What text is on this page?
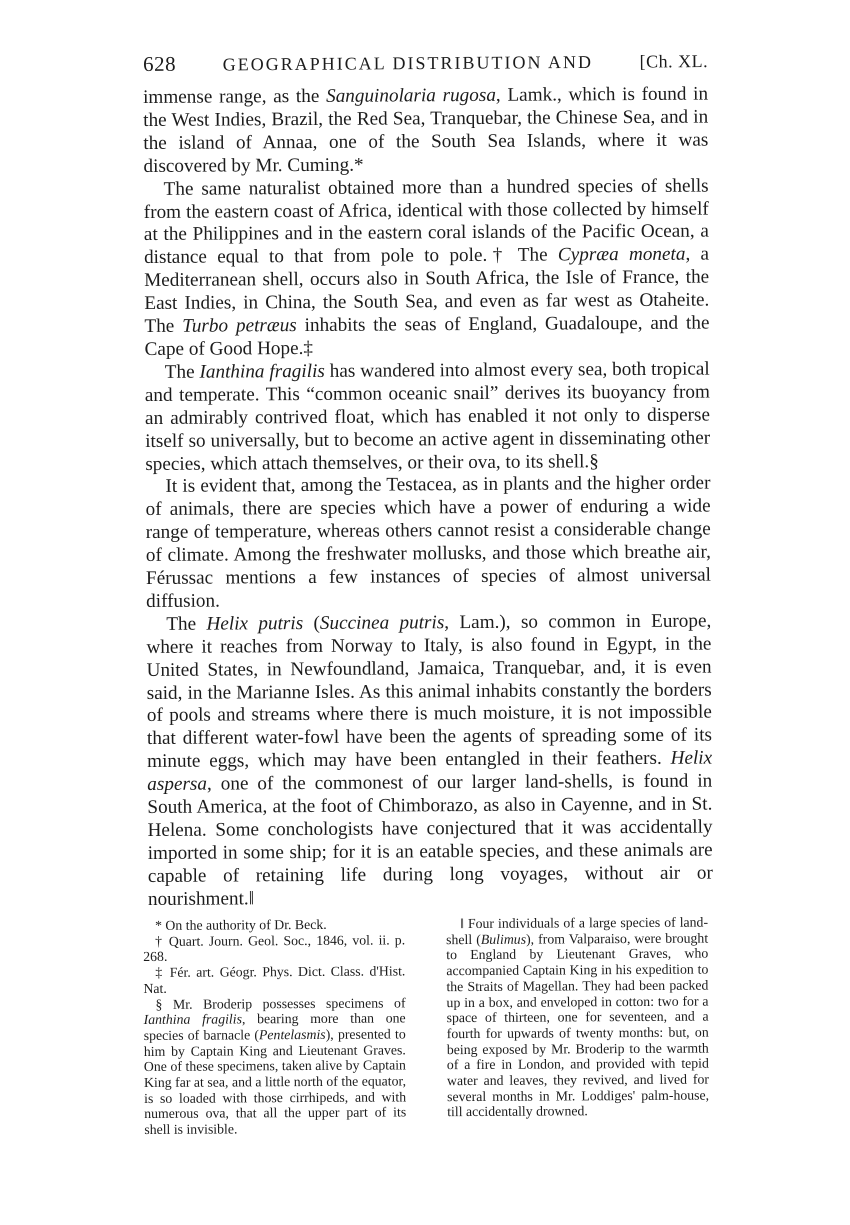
628	GEOGRAPHICAL DISTRIBUTION AND	[Ch. XL.

immense range, as the Sanguinolaria rugosa, Lamk., which is found in the West Indies, Brazil, the Red Sea, Tranquebar, the Chinese Sea, and in the island of Annaa, one of the South Sea Islands, where it was discovered by Mr. Cuming.*

The same naturalist obtained more than a hundred species of shells from the eastern coast of Africa, identical with those collected by himself at the Philippines and in the eastern coral islands of the Pacific Ocean, a distance equal to that from pole to pole.† The Cypræa moneta, a Mediterranean shell, occurs also in South Africa, the Isle of France, the East Indies, in China, the South Sea, and even as far west as Otaheite. The Turbo petræus inhabits the seas of England, Guadaloupe, and the Cape of Good Hope.‡

The Ianthina fragilis has wandered into almost every sea, both tropical and temperate. This “common oceanic snail” derives its buoyancy from an admirably contrived float, which has enabled it not only to disperse itself so universally, but to become an active agent in disseminating other species, which attach themselves, or their ova, to its shell.§

It is evident that, among the Testacea, as in plants and the higher order of animals, there are species which have a power of enduring a wide range of temperature, whereas others cannot resist a considerable change of climate. Among the freshwater mollusks, and those which breathe air, Férussac mentions a few instances of species of almost universal diffusion.

The Helix putris (Succinea putris, Lam.), so common in Europe, where it reaches from Norway to Italy, is also found in Egypt, in the United States, in Newfoundland, Jamaica, Tranquebar, and, it is even said, in the Marianne Isles. As this animal inhabits constantly the borders of pools and streams where there is much moisture, it is not impossible that different water-fowl have been the agents of spreading some of its minute eggs, which may have been entangled in their feathers. Helix aspersa, one of the commonest of our larger land-shells, is found in South America, at the foot of Chimborazo, as also in Cayenne, and in St. Helena. Some conchologists have conjectured that it was accidentally imported in some ship; for it is an eatable species, and these animals are capable of retaining life during long voyages, without air or nourishment.‖

* On the authority of Dr. Beck.

† Quart. Journ. Geol. Soc., 1846, vol. ii. p. 268.

‡ Fér. art. Géogr. Phys. Dict. Class. d'Hist. Nat.

§ Mr. Broderip possesses specimens of Ianthina fragilis, bearing more than one species of barnacle (Pentelasmis), presented to him by Captain King and Lieutenant Graves. One of these specimens, taken alive by Captain King far at sea, and a little north of the equator, is so loaded with those cirrhipeds, and with numerous ova, that all the upper part of its shell is invisible.

‖ Four individuals of a large species of land-shell (Bulimus), from Valparaiso, were brought to England by Lieutenant Graves, who accompanied Captain King in his expedition to the Straits of Magellan. They had been packed up in a box, and enveloped in cotton: two for a space of thirteen, one for seventeen, and a fourth for upwards of twenty months: but, on being exposed by Mr. Broderip to the warmth of a fire in London, and provided with tepid water and leaves, they revived, and lived for several months in Mr. Loddiges' palm-house, till accidentally drowned.
